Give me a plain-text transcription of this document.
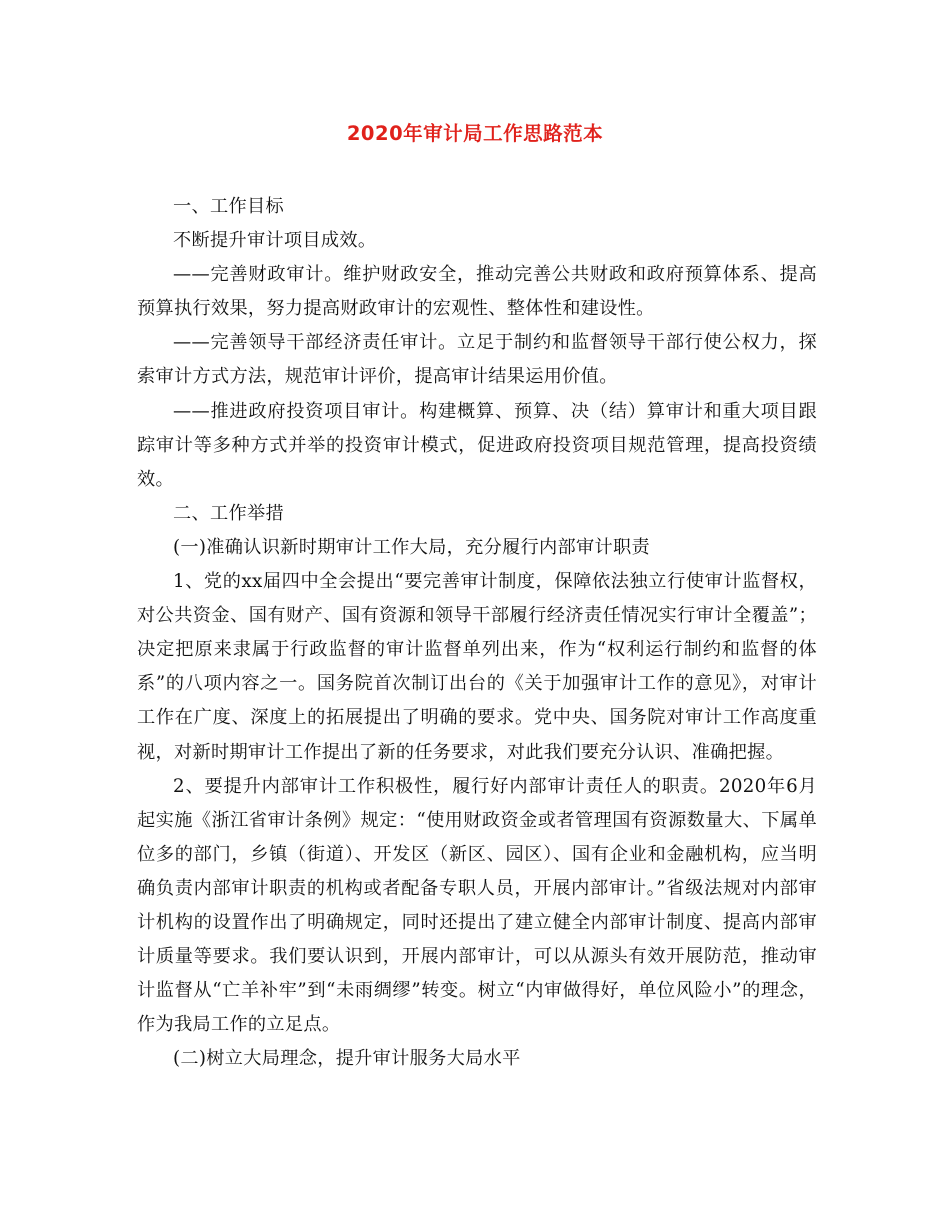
2020年审计局工作思路范本

一、工作目标

不断提升审计项目成效。

——完善财政审计。维护财政安全，推动完善公共财政和政府预算体系、提高预算执行效果，努力提高财政审计的宏观性、整体性和建设性。

——完善领导干部经济责任审计。立足于制约和监督领导干部行使公权力，探索审计方式方法，规范审计评价，提高审计结果运用价值。

——推进政府投资项目审计。构建概算、预算、决（结）算审计和重大项目跟踪审计等多种方式并举的投资审计模式，促进政府投资项目规范管理，提高投资绩效。

二、工作举措

(一)准确认识新时期审计工作大局，充分履行内部审计职责

1、党的xx届四中全会提出“要完善审计制度，保障依法独立行使审计监督权，对公共资金、国有财产、国有资源和领导干部履行经济责任情况实行审计全覆盖”；决定把原来隶属于行政监督的审计监督单列出来，作为“权利运行制约和监督的体系”的八项内容之一。国务院首次制订出台的《关于加强审计工作的意见》，对审计工作在广度、深度上的拓展提出了明确的要求。党中央、国务院对审计工作高度重视，对新时期审计工作提出了新的任务要求，对此我们要充分认识、准确把握。

2、要提升内部审计工作积极性，履行好内部审计责任人的职责。2020年6月起实施《浙江省审计条例》规定：“使用财政资金或者管理国有资源数量大、下属单位多的部门，乡镇（街道）、开发区（新区、园区）、国有企业和金融机构，应当明确负责内部审计职责的机构或者配备专职人员，开展内部审计。”省级法规对内部审计机构的设置作出了明确规定，同时还提出了建立健全内部审计制度、提高内部审计质量等要求。我们要认识到，开展内部审计，可以从源头有效开展防范，推动审计监督从“亡羊补牢”到“未雨绸缪”转变。树立“内审做得好，单位风险小”的理念，作为我局工作的立足点。

(二)树立大局理念，提升审计服务大局水平
